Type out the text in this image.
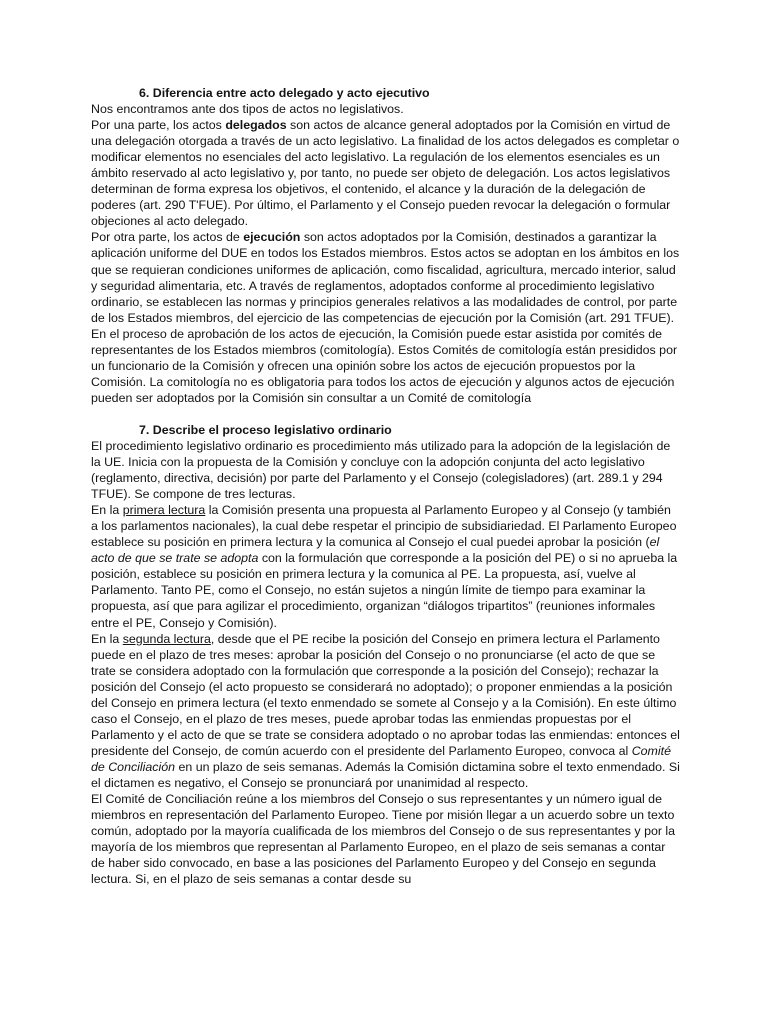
6. Diferencia entre acto delegado y acto ejecutivo

Nos encontramos ante dos tipos de actos no legislativos.

Por una parte, los actos delegados son actos de alcance general adoptados por la Comisión en virtud de una delegación otorgada a través de un acto legislativo. La finalidad de los actos delegados es completar o modificar elementos no esenciales del acto legislativo. La regulación de los elementos esenciales es un ámbito reservado al acto legislativo y, por tanto, no puede ser objeto de delegación. Los actos legislativos determinan de forma expresa los objetivos, el contenido, el alcance y la duración de la delegación de poderes (art. 290 T'FUE). Por último, el Parlamento y el Consejo pueden revocar la delegación o formular objeciones al acto delegado.

Por otra parte, los actos de ejecución son actos adoptados por la Comisión, destinados a garantizar la aplicación uniforme del DUE en todos los Estados miembros. Estos actos se adoptan en los ámbitos en los que se requieran condiciones uniformes de aplicación, como fiscalidad, agricultura, mercado interior, salud y seguridad alimentaria, etc. A través de reglamentos, adoptados conforme al procedimiento legislativo ordinario, se establecen las normas y principios generales relativos a las modalidades de control, por parte de los Estados miembros, del ejercicio de las competencias de ejecución por la Comisión (art. 291 TFUE). En el proceso de aprobación de los actos de ejecución, la Comisión puede estar asistida por comités de representantes de los Estados miembros (comitología). Estos Comités de comitología están presididos por un funcionario de la Comisión y ofrecen una opinión sobre los actos de ejecución propuestos por la Comisión. La comitología no es obligatoria para todos los actos de ejecución y algunos actos de ejecución pueden ser adoptados por la Comisión sin consultar a un Comité de comitología

7. Describe el proceso legislativo ordinario

El procedimiento legislativo ordinario es procedimiento más utilizado para la adopción de la legislación de la UE. Inicia con la propuesta de la Comisión y concluye con la adopción conjunta del acto legislativo (reglamento, directiva, decisión) por parte del Parlamento y el Consejo (colegisladores) (art. 289.1 y 294 TFUE). Se compone de tres lecturas.

En la primera lectura la Comisión presenta una propuesta al Parlamento Europeo y al Consejo (y también a los parlamentos nacionales), la cual debe respetar el principio de subsidiariedad. El Parlamento Europeo establece su posición en primera lectura y la comunica al Consejo el cual puedei aprobar la posición (el acto de que se trate se adopta con la formulación que corresponde a la posición del PE) o si no aprueba la posición, establece su posición en primera lectura y la comunica al PE. La propuesta, así, vuelve al Parlamento. Tanto PE, como el Consejo, no están sujetos a ningún límite de tiempo para examinar la propuesta, así que para agilizar el procedimiento, organizan “diálogos tripartitos” (reuniones informales entre el PE, Consejo y Comisión).

En la segunda lectura, desde que el PE recibe la posición del Consejo en primera lectura el Parlamento puede en el plazo de tres meses: aprobar la posición del Consejo o no pronunciarse (el acto de que se trate se considera adoptado con la formulación que corresponde a la posición del Consejo); rechazar la posición del Consejo (el acto propuesto se considerará no adoptado); o proponer enmiendas a la posición del Consejo en primera lectura (el texto enmendado se somete al Consejo y a la Comisión). En este último caso el Consejo, en el plazo de tres meses, puede aprobar todas las enmiendas propuestas por el Parlamento y el acto de que se trate se considera adoptado o no aprobar todas las enmiendas: entonces el presidente del Consejo, de común acuerdo con el presidente del Parlamento Europeo, convoca al Comité de Conciliación en un plazo de seis semanas. Además la Comisión dictamina sobre el texto enmendado. Si el dictamen es negativo, el Consejo se pronunciará por unanimidad al respecto.

El Comité de Conciliación reúne a los miembros del Consejo o sus representantes y un número igual de miembros en representación del Parlamento Europeo. Tiene por misión llegar a un acuerdo sobre un texto común, adoptado por la mayoría cualificada de los miembros del Consejo o de sus representantes y por la mayoría de los miembros que representan al Parlamento Europeo, en el plazo de seis semanas a contar de haber sido convocado, en base a las posiciones del Parlamento Europeo y del Consejo en segunda lectura. Si, en el plazo de seis semanas a contar desde su
